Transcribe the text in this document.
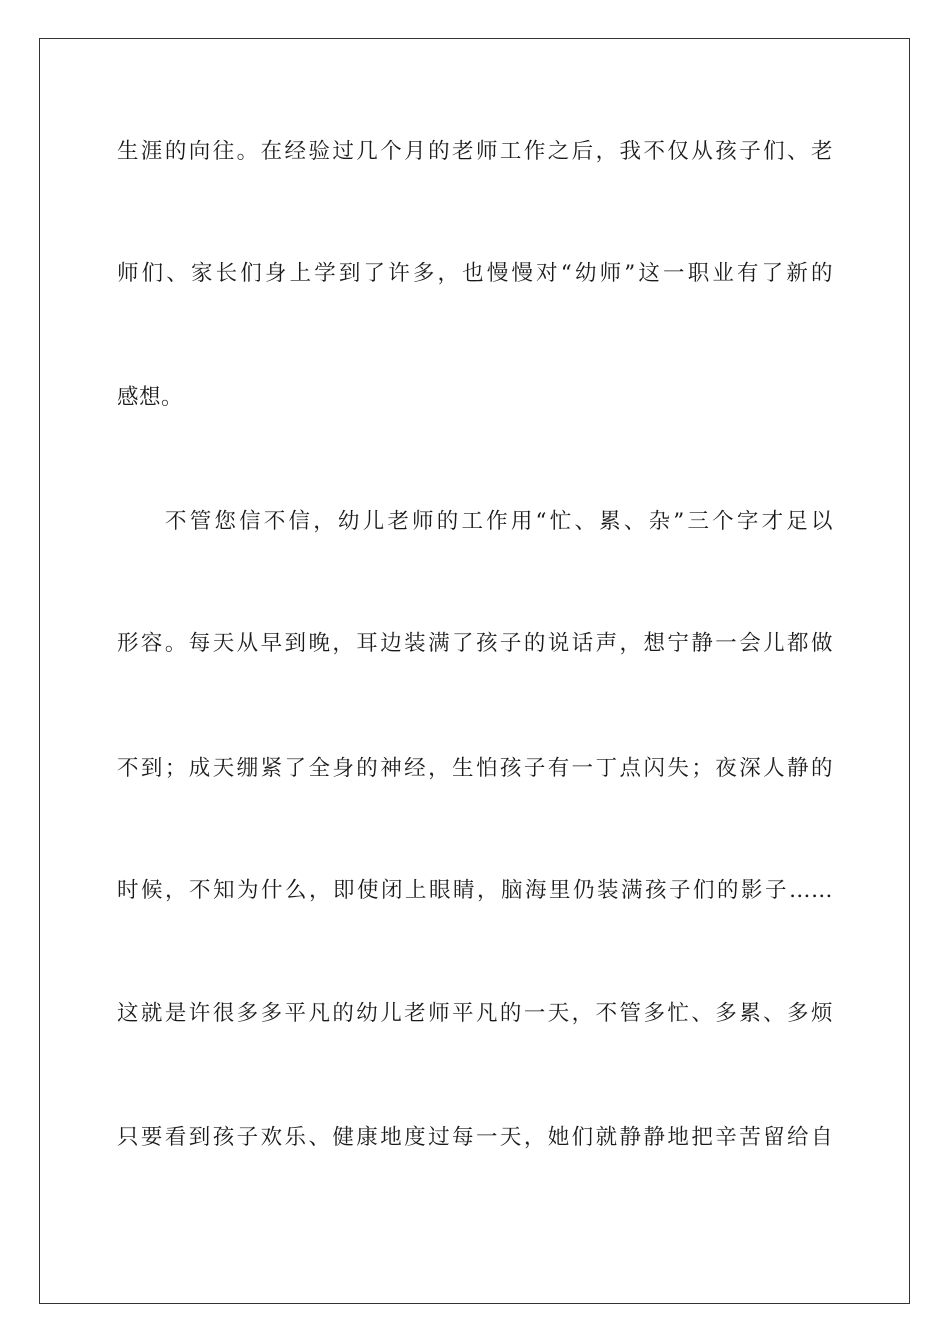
生涯的向往。在经验过几个月的老师工作之后，我不仅从孩子们、老
师们、家长们身上学到了许多，也慢慢对“幼师”这一职业有了新的
感想。
不管您信不信，幼儿老师的工作用“忙、累、杂”三个字才足以
形容。每天从早到晚，耳边装满了孩子的说话声，想宁静一会儿都做
不到；成天绷紧了全身的神经，生怕孩子有一丁点闪失；夜深人静的
时候，不知为什么，即使闭上眼睛，脑海里仍装满孩子们的影子……
这就是许很多多平凡的幼儿老师平凡的一天，不管多忙、多累、多烦
只要看到孩子欢乐、健康地度过每一天，她们就静静地把辛苦留给自
